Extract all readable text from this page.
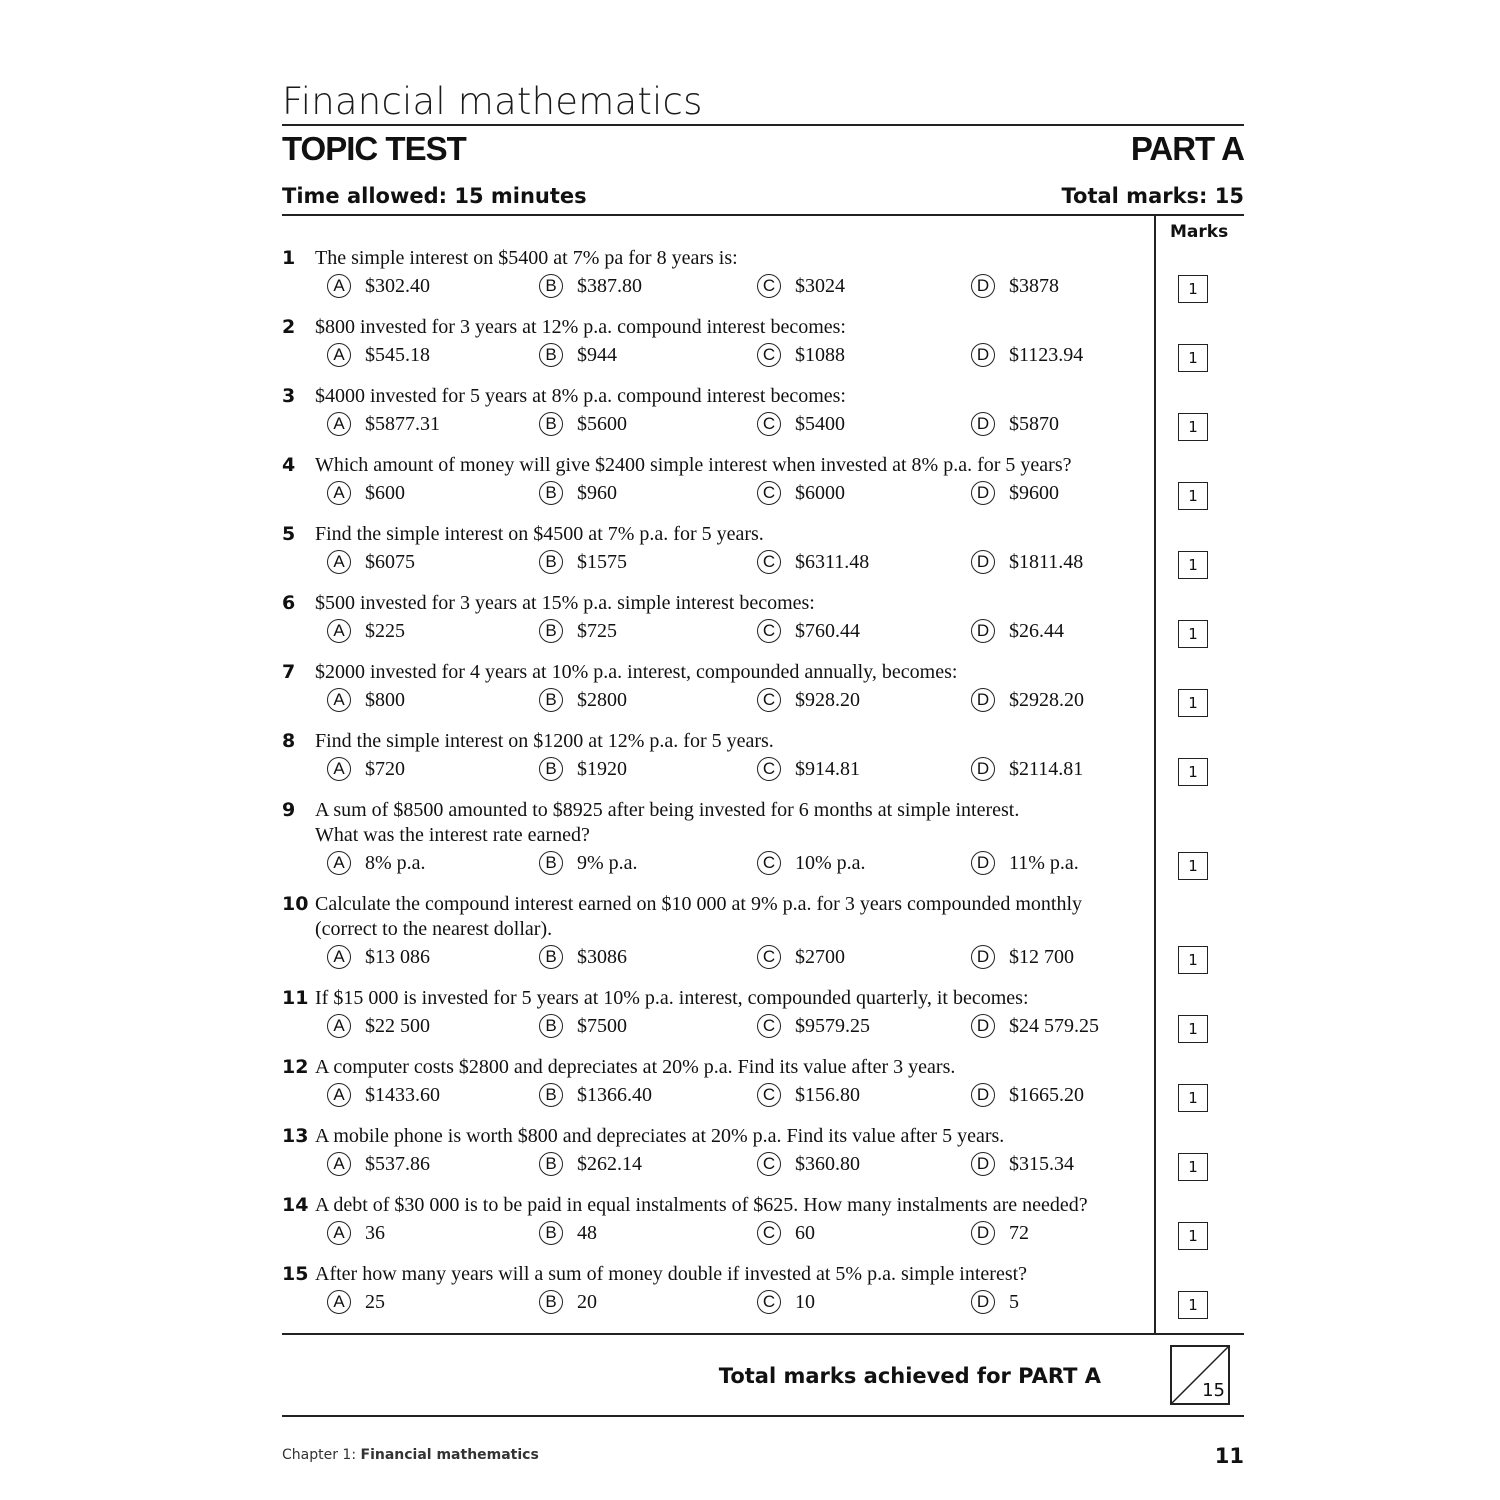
Financial mathematics
TOPIC TEST	PART A
Time allowed: 15 minutes	Total marks: 15
Marks
1 The simple interest on $5400 at 7% pa for 8 years is:
A	$302.40	B	$387.80	C $3024	D $3878	1
2 $800 invested for 3 years at 12% p.a. compound interest becomes:
A	$545.18	B	$944	C $1088	D $1123.94	1
3 $4000 invested for 5 years at 8% p.a. compound interest becomes:
A	$5877.31	B	$5600	C $5400	D $5870	1
4 Which amount of money will give $2400 simple interest when invested at 8% p.a. for 5 years?
A	$600	B	$960	C $6000	D $9600	1
5 Find the simple interest on $4500 at 7% p.a. for 5 years.
A	$6075	B	$1575	C $6311.48	D $1811.48	1
6 $500 invested for 3 years at 15% p.a. simple interest becomes:
A	$225	B	$725	C $760.44	D $26.44	1
7 $2000 invested for 4 years at 10% p.a. interest, compounded annually, becomes:
A	$800	B	$2800	C $928.20	D $2928.20	1
8 Find the simple interest on $1200 at 12% p.a. for 5 years.
A	$720	B	$1920	C $914.81	D $2114.81	1
9 A sum of $8500 amounted to $8925 after being invested for 6 months at simple interest.
What was the interest rate earned?
A	8% p.a.	B	9% p.a.	C 10% p.a.	D 11% p.a.	1
10 Calculate the compound interest earned on $10 000 at 9% p.a. for 3 years compounded monthly
(correct to the nearest dollar).
A	$13 086	B	$3086	C $2700	D $12 700	1
11 If $15 000 is invested for 5 years at 10% p.a. interest, compounded quarterly, it becomes:
A	$22 500	B	$7500	C $9579.25	D $24 579.25	1
12 A computer costs $2800 and depreciates at 20% p.a. Find its value after 3 years.
A	$1433.60	B	$1366.40	C $156.80	D $1665.20	1
13 A mobile phone is worth $800 and depreciates at 20% p.a. Find its value after 5 years.
A	$537.86	B	$262.14	C $360.80	D $315.34	1
14 A debt of $30 000 is to be paid in equal instalments of $625. How many instalments are needed?
A	36	B	48	C 60	D 72	1
15 After how many years will a sum of money double if invested at 5% p.a. simple interest?
A	25	B	20	C 10	D 5	1
Total marks achieved for PART A
15
Chapter 1: Financial mathematics	11
